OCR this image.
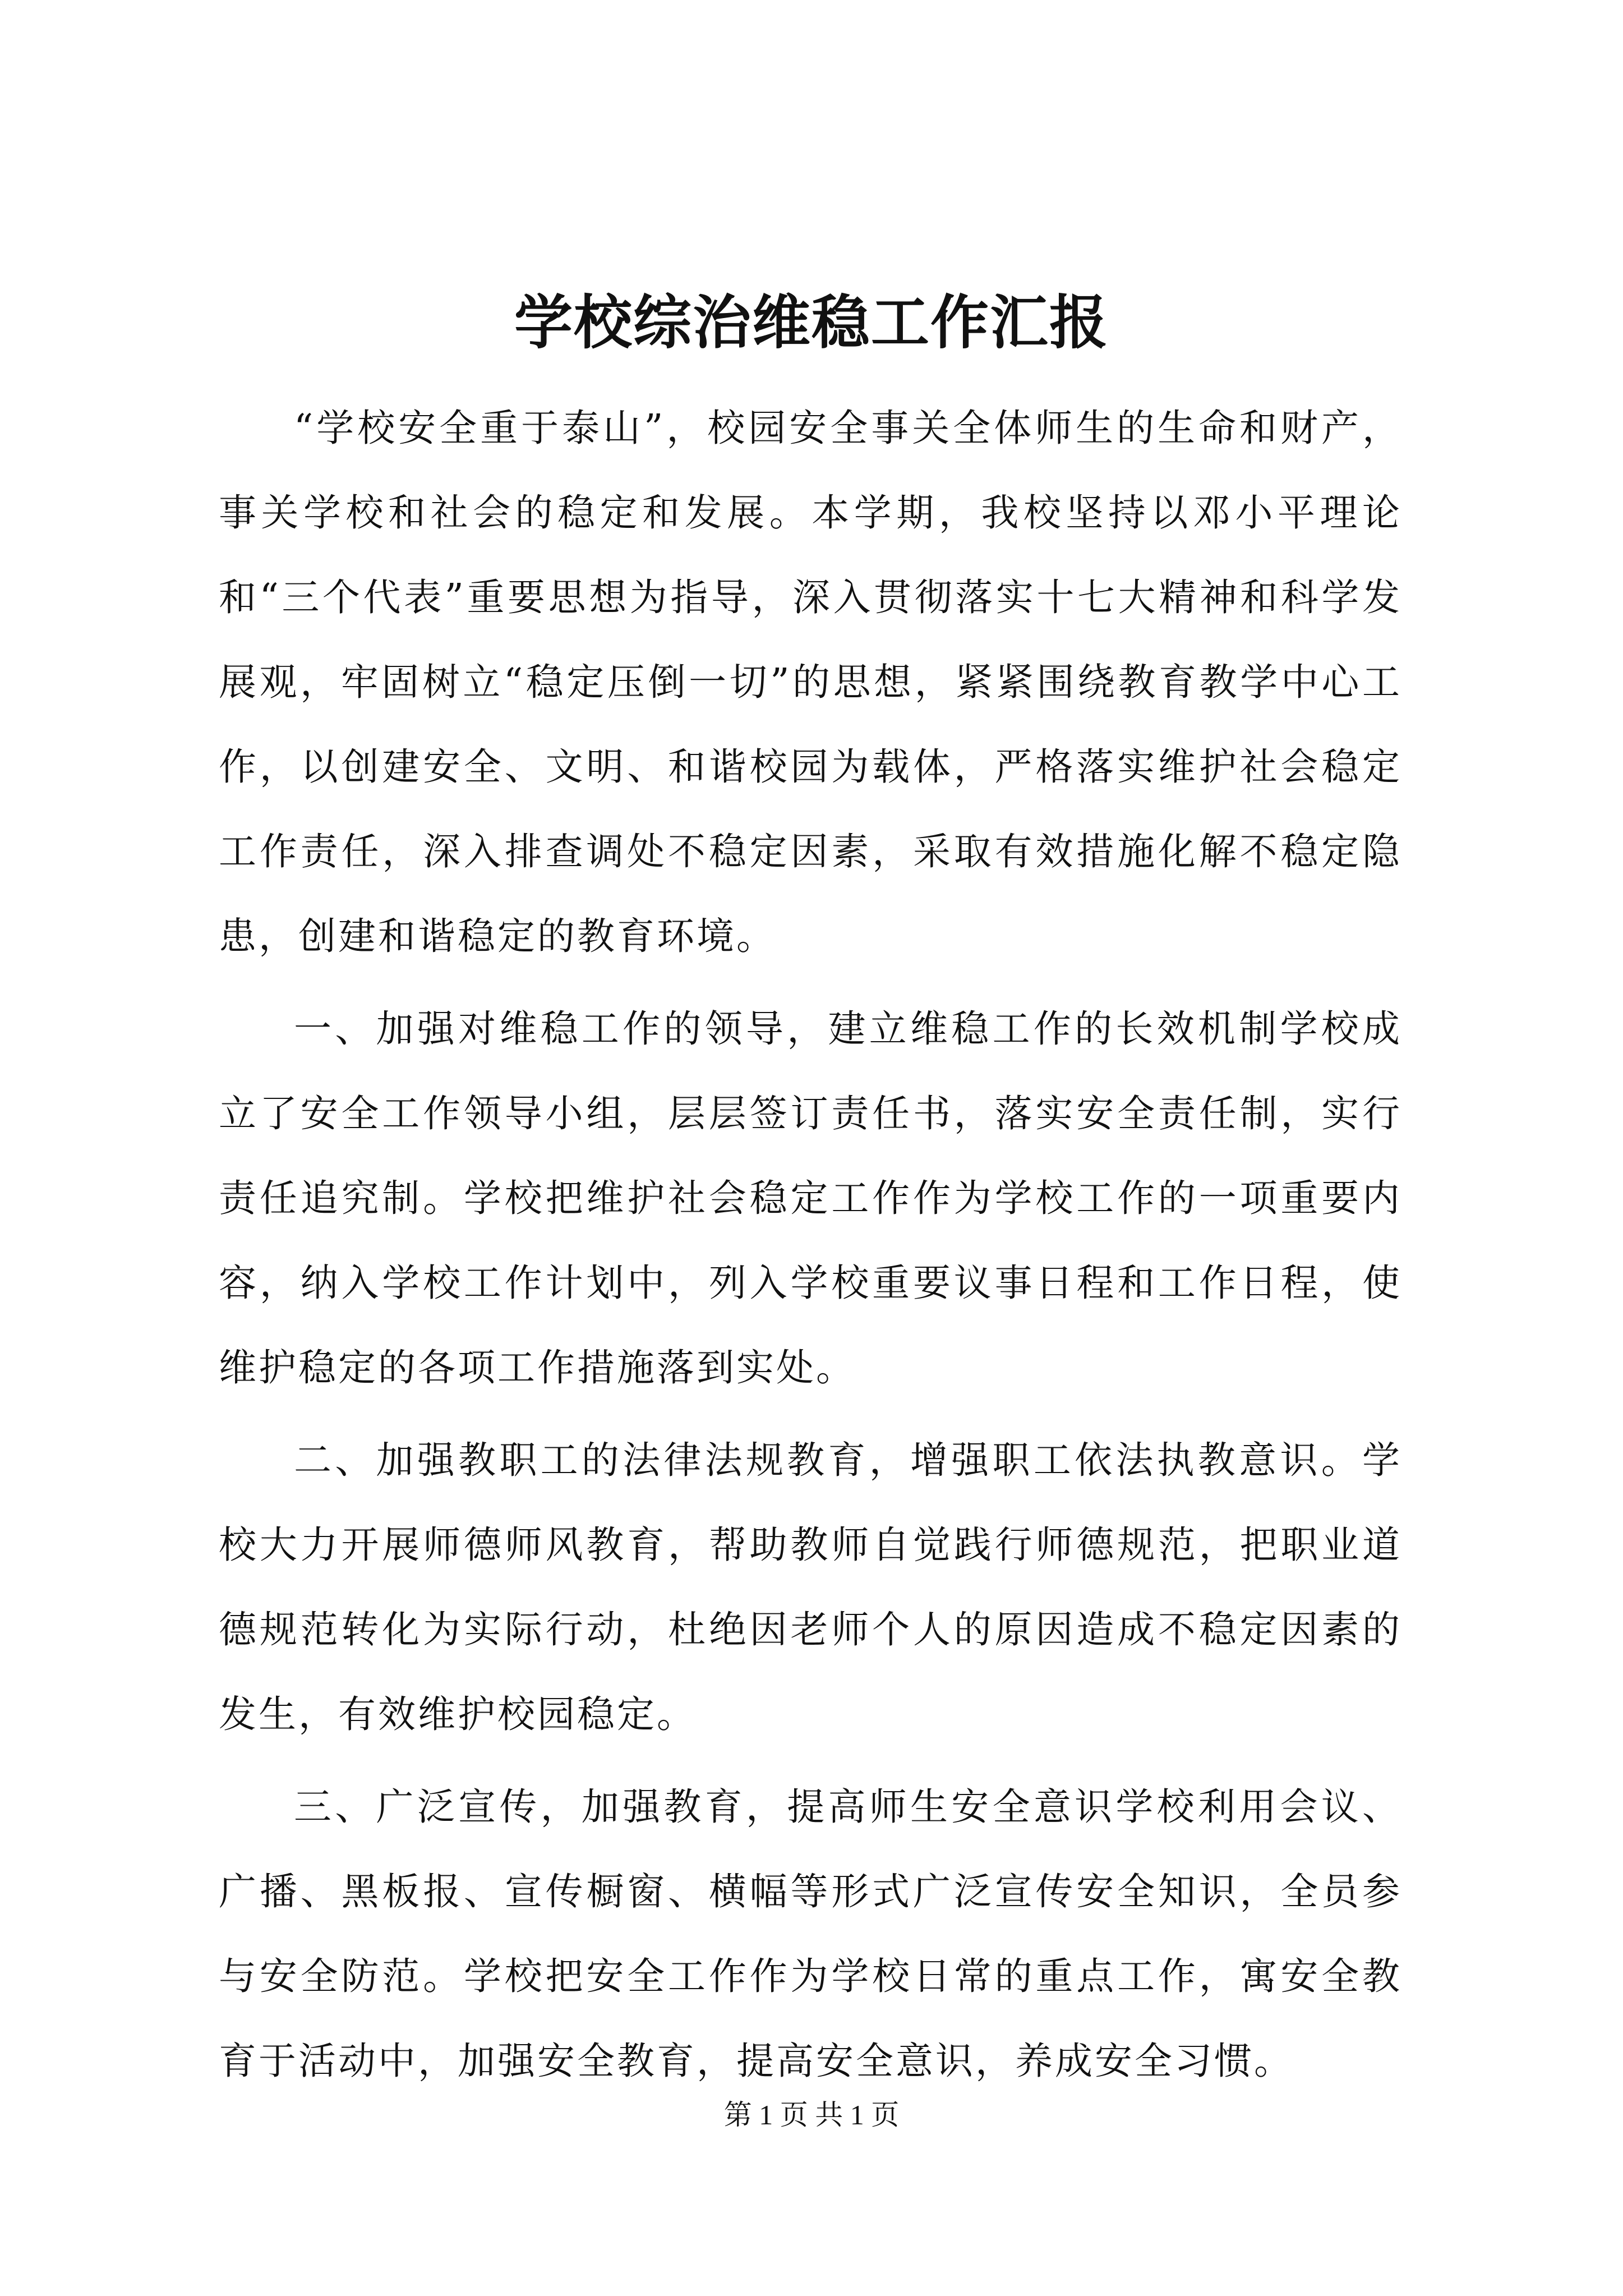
学校综治维稳工作汇报

“学校安全重于泰山”，校园安全事关全体师生的生命和财产，事关学校和社会的稳定和发展。本学期，我校坚持以邓小平理论和“三个代表”重要思想为指导，深入贯彻落实十七大精神和科学发展观，牢固树立“稳定压倒一切”的思想，紧紧围绕教育教学中心工作，以创建安全、文明、和谐校园为载体，严格落实维护社会稳定工作责任，深入排查调处不稳定因素，采取有效措施化解不稳定隐患，创建和谐稳定的教育环境。

一、加强对维稳工作的领导，建立维稳工作的长效机制学校成立了安全工作领导小组，层层签订责任书，落实安全责任制，实行责任追究制。学校把维护社会稳定工作作为学校工作的一项重要内容，纳入学校工作计划中，列入学校重要议事日程和工作日程，使维护稳定的各项工作措施落到实处。

二、加强教职工的法律法规教育，增强职工依法执教意识。学校大力开展师德师风教育，帮助教师自觉践行师德规范，把职业道德规范转化为实际行动，杜绝因老师个人的原因造成不稳定因素的发生，有效维护校园稳定。

三、广泛宣传，加强教育，提高师生安全意识学校利用会议、广播、黑板报、宣传橱窗、横幅等形式广泛宣传安全知识，全员参与安全防范。学校把安全工作作为学校日常的重点工作，寓安全教育于活动中，加强安全教育，提高安全意识，养成安全习惯。

第 1 页 共 1 页
